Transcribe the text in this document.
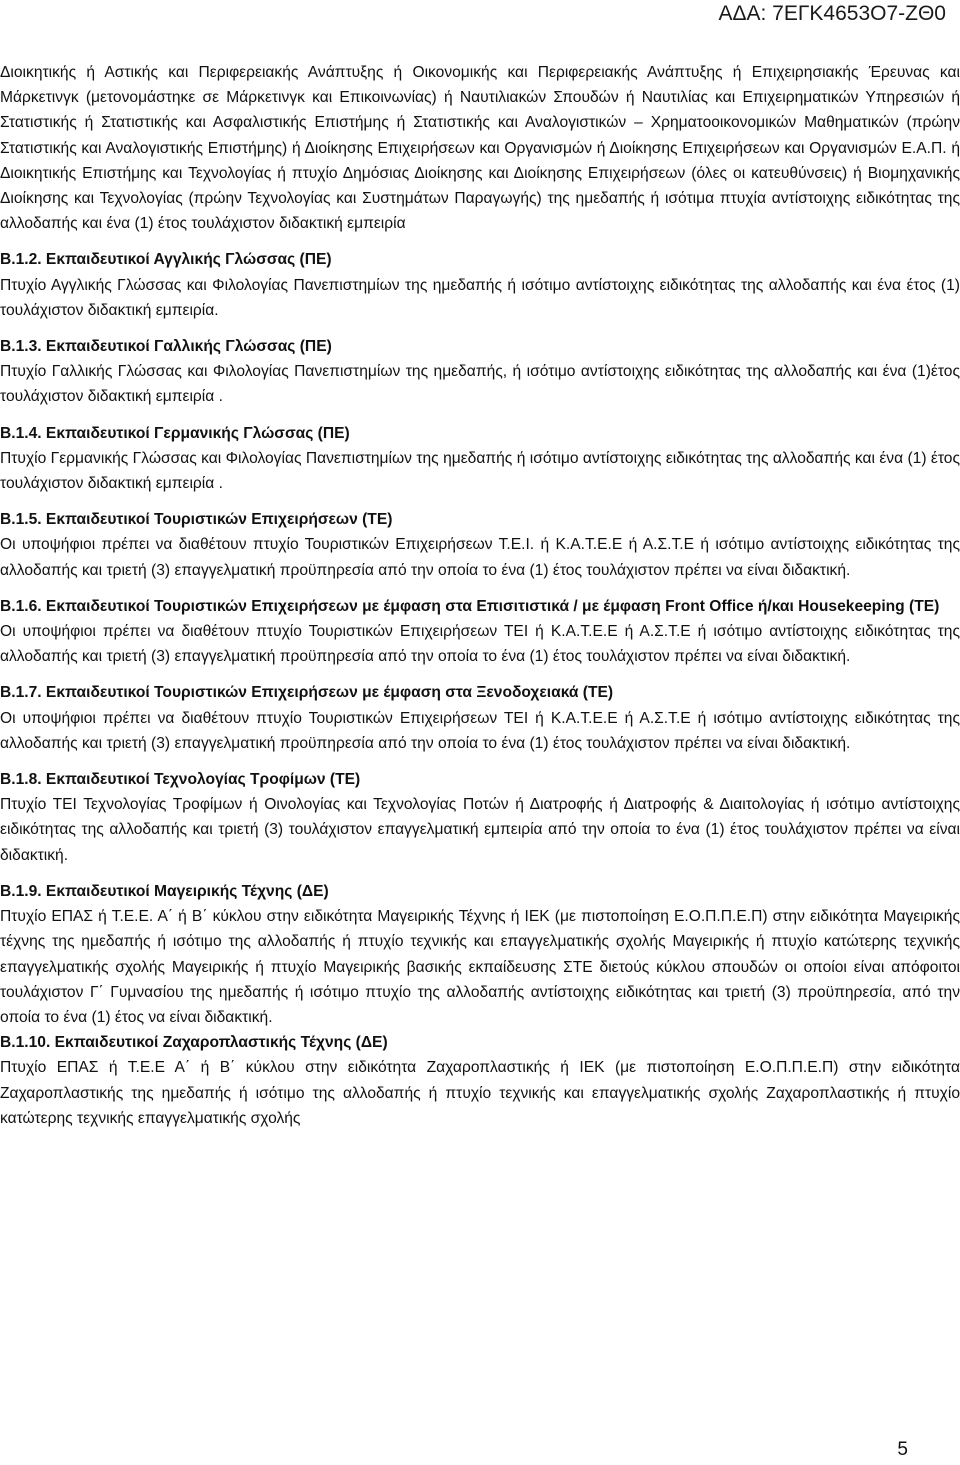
ΑΔΑ: 7ΕΓΚ4653Ο7-ΖΘ0

Διοικητικής ή Αστικής και Περιφερειακής Ανάπτυξης ή Οικονομικής και Περιφερειακής Ανάπτυξης ή Επιχειρησιακής Έρευνας και Μάρκετινγκ (μετονομάστηκε σε Μάρκετινγκ και Επικοινωνίας) ή Ναυτιλιακών Σπουδών ή Ναυτιλίας και Επιχειρηματικών Υπηρεσιών ή Στατιστικής ή Στατιστικής και Ασφαλιστικής Επιστήμης ή Στατιστικής και Αναλογιστικών – Χρηματοοικονομικών Μαθηματικών (πρώην Στατιστικής και Αναλογιστικής Επιστήμης) ή Διοίκησης Επιχειρήσεων και Οργανισμών ή Διοίκησης Επιχειρήσεων και Οργανισμών Ε.Α.Π. ή Διοικητικής Επιστήμης και Τεχνολογίας ή πτυχίο Δημόσιας Διοίκησης και Διοίκησης Επιχειρήσεων (όλες οι κατευθύνσεις) ή Βιομηχανικής Διοίκησης και Τεχνολογίας (πρώην Τεχνολογίας και Συστημάτων Παραγωγής) της ημεδαπής ή ισότιμα πτυχία αντίστοιχης ειδικότητας της αλλοδαπής και ένα (1) έτος τουλάχιστον διδακτική εμπειρία

Β.1.2. Εκπαιδευτικοί Αγγλικής Γλώσσας (ΠΕ)

Πτυχίο Αγγλικής Γλώσσας και Φιλολογίας Πανεπιστημίων της ημεδαπής ή ισότιμο αντίστοιχης ειδικότητας της αλλοδαπής και ένα έτος (1) τουλάχιστον διδακτική εμπειρία.

Β.1.3. Εκπαιδευτικοί Γαλλικής Γλώσσας (ΠΕ)

Πτυχίο Γαλλικής Γλώσσας και Φιλολογίας Πανεπιστημίων της ημεδαπής, ή ισότιμο αντίστοιχης ειδικότητας της αλλοδαπής και ένα (1)έτος τουλάχιστον διδακτική εμπειρία .

Β.1.4. Εκπαιδευτικοί Γερμανικής Γλώσσας (ΠΕ)

Πτυχίο Γερμανικής Γλώσσας και Φιλολογίας Πανεπιστημίων της ημεδαπής ή ισότιμο αντίστοιχης ειδικότητας της αλλοδαπής και ένα (1) έτος τουλάχιστον διδακτική εμπειρία .

Β.1.5. Εκπαιδευτικοί Τουριστικών Επιχειρήσεων (ΤΕ)

Οι υποψήφιοι πρέπει να διαθέτουν πτυχίο Τουριστικών Επιχειρήσεων Τ.Ε.Ι. ή Κ.Α.Τ.Ε.Ε ή Α.Σ.Τ.Ε ή ισότιμο αντίστοιχης ειδικότητας της αλλοδαπής και τριετή (3) επαγγελματική προϋπηρεσία από την οποία το ένα (1) έτος τουλάχιστον πρέπει να είναι διδακτική.

Β.1.6. Εκπαιδευτικοί Τουριστικών Επιχειρήσεων με έμφαση στα Επισιτιστικά / με έμφαση Front Office ή/και Housekeeping (ΤΕ)

Οι υποψήφιοι πρέπει να διαθέτουν πτυχίο Τουριστικών Επιχειρήσεων ΤΕΙ ή Κ.Α.Τ.Ε.Ε ή Α.Σ.Τ.Ε ή ισότιμο αντίστοιχης ειδικότητας της αλλοδαπής και τριετή (3) επαγγελματική προϋπηρεσία από την οποία το ένα (1) έτος τουλάχιστον πρέπει να είναι διδακτική.

Β.1.7. Εκπαιδευτικοί Τουριστικών Επιχειρήσεων με έμφαση στα Ξενοδοχειακά (ΤΕ)

Οι υποψήφιοι πρέπει να διαθέτουν πτυχίο Τουριστικών Επιχειρήσεων ΤΕΙ ή Κ.Α.Τ.Ε.Ε ή Α.Σ.Τ.Ε ή ισότιμο αντίστοιχης ειδικότητας της αλλοδαπής και τριετή (3) επαγγελματική προϋπηρεσία από την οποία το ένα (1) έτος τουλάχιστον πρέπει να είναι διδακτική.

Β.1.8. Εκπαιδευτικοί Τεχνολογίας Τροφίμων (ΤΕ)

Πτυχίο ΤΕΙ Τεχνολογίας Τροφίμων ή Οινολογίας και Τεχνολογίας Ποτών ή Διατροφής ή Διατροφής & Διαιτολογίας ή ισότιμο αντίστοιχης ειδικότητας της αλλοδαπής και τριετή (3) τουλάχιστον επαγγελματική εμπειρία από την οποία το ένα (1) έτος τουλάχιστον πρέπει να είναι διδακτική.

Β.1.9. Εκπαιδευτικοί Μαγειρικής Τέχνης (ΔΕ)

Πτυχίο ΕΠΑΣ ή Τ.Ε.Ε. Α΄ ή Β΄ κύκλου στην ειδικότητα Μαγειρικής Τέχνης ή ΙΕΚ (με πιστοποίηση Ε.Ο.Π.Π.Ε.Π) στην ειδικότητα Μαγειρικής τέχνης της ημεδαπής ή ισότιμο της αλλοδαπής ή πτυχίο τεχνικής και επαγγελματικής σχολής Μαγειρικής ή πτυχίο κατώτερης τεχνικής επαγγελματικής σχολής Μαγειρικής ή πτυχίο Μαγειρικής βασικής εκπαίδευσης ΣΤΕ διετούς κύκλου σπουδών οι οποίοι είναι απόφοιτοι τουλάχιστον Γ΄ Γυμνασίου της ημεδαπής ή ισότιμο πτυχίο της αλλοδαπής αντίστοιχης ειδικότητας και τριετή (3) προϋπηρεσία, από την οποία το ένα (1) έτος να είναι διδακτική.

Β.1.10. Εκπαιδευτικοί Ζαχαροπλαστικής Τέχνης (ΔΕ)

Πτυχίο ΕΠΑΣ ή Τ.Ε.Ε Α΄ ή Β΄ κύκλου στην ειδικότητα Ζαχαροπλαστικής ή ΙΕΚ (με πιστοποίηση Ε.Ο.Π.Π.Ε.Π) στην ειδικότητα Ζαχαροπλαστικής της ημεδαπής ή ισότιμο της αλλοδαπής ή πτυχίο τεχνικής και επαγγελματικής σχολής Ζαχαροπλαστικής ή πτυχίο κατώτερης τεχνικής επαγγελματικής σχολής

5
